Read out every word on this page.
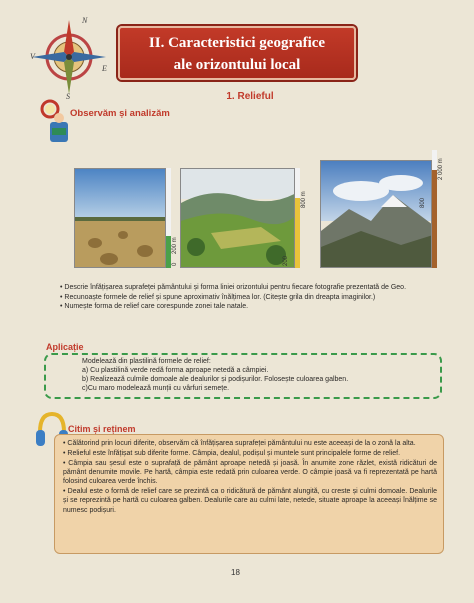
N
V
E
S
II. Caracteristici geografice
ale orizontului local
1. Relieful
Observăm și analizăm
0
200 m
200
800 m	800
2 000 m

• Descrie înfățișarea suprafeței pământului și forma liniei orizontului pentru fiecare fotografie prezentată de Geo.

• Recunoaște formele de relief și spune aproximativ înălțimea lor. (Citește grila din dreapta imaginilor.)

• Numește forma de relief care corespunde zonei tale natale.

Aplicație
Modelează din plastilină formele de relief:
a) Cu plastilină verde redă forma aproape netedă a câmpiei.
b) Realizează culmile domoale ale dealurilor și podișurilor. Folosește culoarea galben.
c)Cu maro modelează munții cu vârfuri semețe.
Citim și reținem

• Călătorind prin locuri diferite, observăm că înfățișarea suprafeței pământului nu este aceeași de la o zonă la alta.

• Relieful este înfățișat sub diferite forme. Câmpia, dealul, podișul și muntele sunt principalele forme de relief.

• Câmpia sau șesul este o suprafață de pământ aproape netedă și joasă. În anumite zone răzlet, există ridicături de pământ denumite movile. Pe hartă, câmpia este redată prin culoarea verde. O câmpie joasă va fi reprezentată pe hartă folosind culoarea verde închis.

• Dealul este o formă de relief care se prezintă ca o ridicătură de pământ alungită, cu creste și culmi domoale. Dealurile și se reprezintă pe hartă cu culoarea galben. Dealurile care au culmi late, netede, situate aproape la aceeași înălțime se numesc podișuri.

18
